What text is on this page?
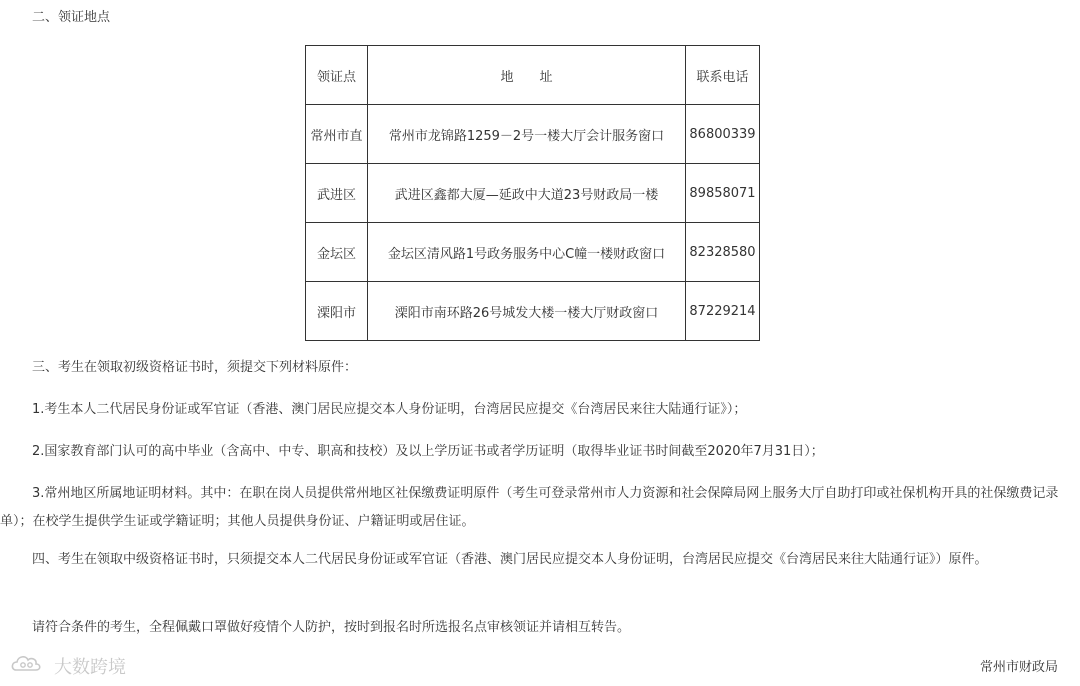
二、领证地点

领证点	地　　址	联系电话
常州市直	常州市龙锦路1259－2号一楼大厅会计服务窗口	86800339
武进区	武进区鑫都大厦—延政中大道23号财政局一楼	89858071
金坛区	金坛区清风路1号政务服务中心C幢一楼财政窗口	82328580
溧阳市	溧阳市南环路26号城发大楼一楼大厅财政窗口	87229214

三、考生在领取初级资格证书时，须提交下列材料原件：

1.考生本人二代居民身份证或军官证（香港、澳门居民应提交本人身份证明，台湾居民应提交《台湾居民来往大陆通行证》）；

2.国家教育部门认可的高中毕业（含高中、中专、职高和技校）及以上学历证书或者学历证明（取得毕业证书时间截至2020年7月31日）；

3.常州地区所属地证明材料。其中：在职在岗人员提供常州地区社保缴费证明原件（考生可登录常州市人力资源和社会保障局网上服务大厅自助打印或社保机构开具的社保缴费记录单）；在校学生提供学生证或学籍证明；其他人员提供身份证、户籍证明或居住证。

四、考生在领取中级资格证书时，只须提交本人二代居民身份证或军官证（香港、澳门居民应提交本人身份证明，台湾居民应提交《台湾居民来往大陆通行证》）原件。

请符合条件的考生，全程佩戴口罩做好疫情个人防护，按时到报名时所选报名点审核领证并请相互转告。

大数跨境	常州市财政局
